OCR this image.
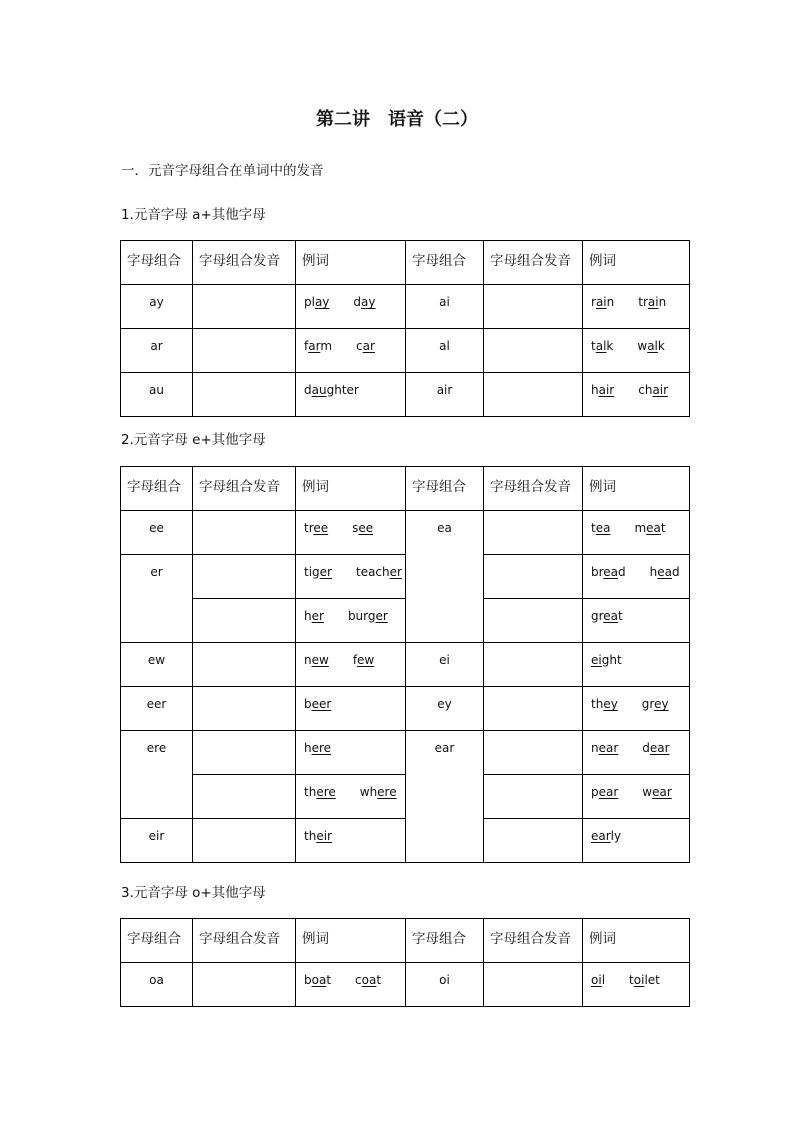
第二讲 语音（二）
一．元音字母组合在单词中的发音
1.元音字母 a+其他字母
字母组合	字母组合发音	例词	字母组合	字母组合发音	例词
ay		play day	ai		rain train
ar		farm car	al		talk walk
au		daughter	air		hair chair
2.元音字母 e+其他字母
字母组合	字母组合发音	例词	字母组合	字母组合发音	例词
ee		tree see	ea		tea meat
er		tiger teacher			bread head
		her burger			great
ew		new few	ei		eight
eer		beer	ey		they grey
ere		here	ear		near dear
		there where			pear wear
eir		their			early
3.元音字母 o+其他字母
字母组合	字母组合发音	例词	字母组合	字母组合发音	例词
oa		boat coat	oi		oil toilet
